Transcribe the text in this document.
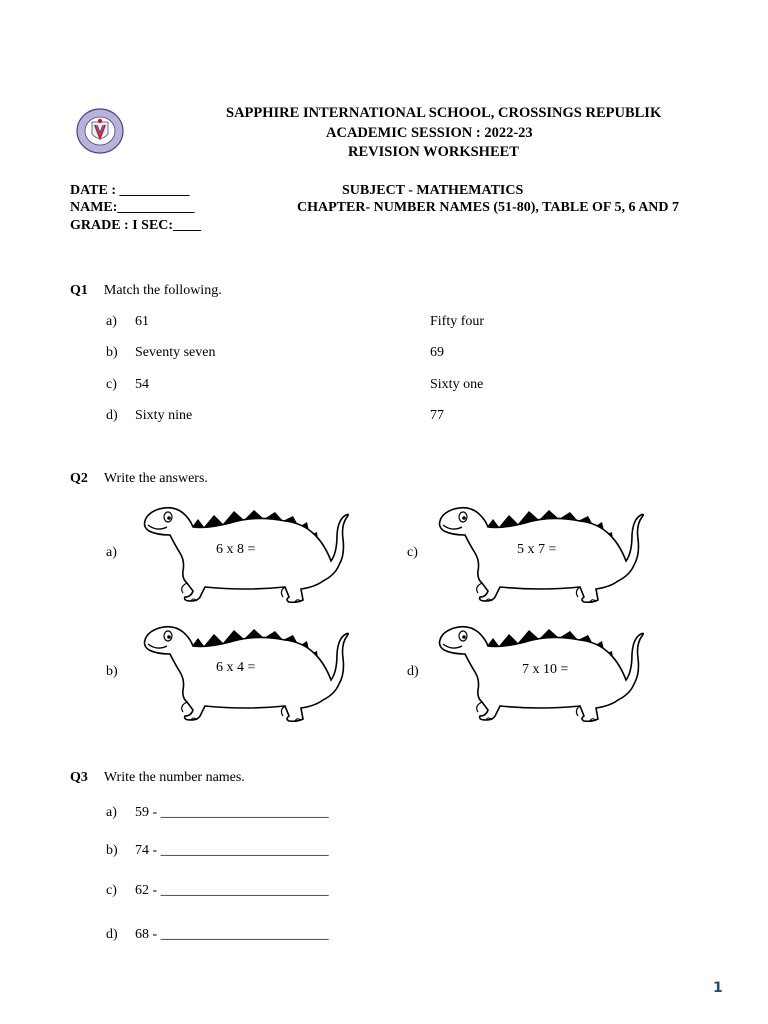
SAPPHIRE INTERNATIONAL SCHOOL, CROSSINGS REPUBLIK
ACADEMIC SESSION : 2022-23
REVISION WORKSHEET
DATE : __________
NAME:___________
GRADE : I SEC:____
SUBJECT - MATHEMATICS
CHAPTER- NUMBER NAMES (51-80), TABLE OF 5, 6 AND 7
Q1 Match the following.
a) 61	Fifty four
b) Seventy seven	69
c) 54	Sixty one
d) Sixty nine	77
Q2 Write the answers.
a)	6 x 8 =	c)	5 x 7 =
b)	6 x 4 =	d)	7 x 10 =
Q3 Write the number names.
a) 59 - ________________________
b) 74 - ________________________
c) 62 - ________________________
d) 68 - ________________________
1
